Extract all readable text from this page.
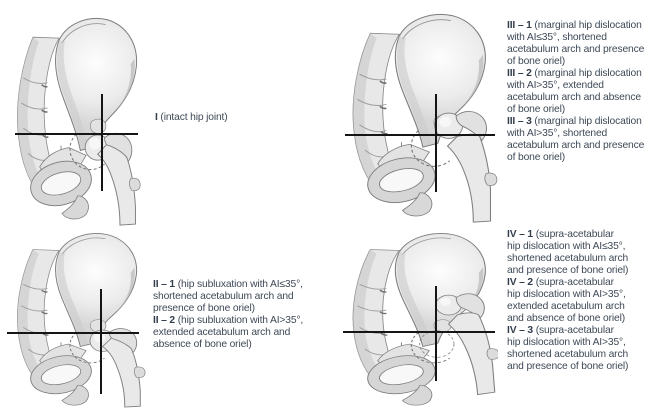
I (intact hip joint)

III – 1 (marginal hip dislocation

with AI≤35°, shortened

acetabulum arch and presence

of bone oriel)

III – 2 (marginal hip dislocation

with AI>35°, extended

acetabulum arch and absence

of bone oriel)

III – 3 (marginal hip dislocation

with AI>35°, shortened

acetabulum arch and presence

of bone oriel)

II – 1 (hip subluxation with AI≤35°,

shortened acetabulum arch and

presence of bone oriel)

II – 2 (hip subluxation with AI>35°,

extended acetabulum arch and

absence of bone oriel)

IV – 1 (supra-acetabular

hip dislocation with AI≤35°,

shortened acetabulum arch

and presence of bone oriel)

IV – 2 (supra-acetabular

hip dislocation with AI>35°,

extended acetabulum arch

and absence of bone oriel)

IV – 3 (supra-acetabular

hip dislocation with AI>35°,

shortened acetabulum arch

and presence of bone oriel)
